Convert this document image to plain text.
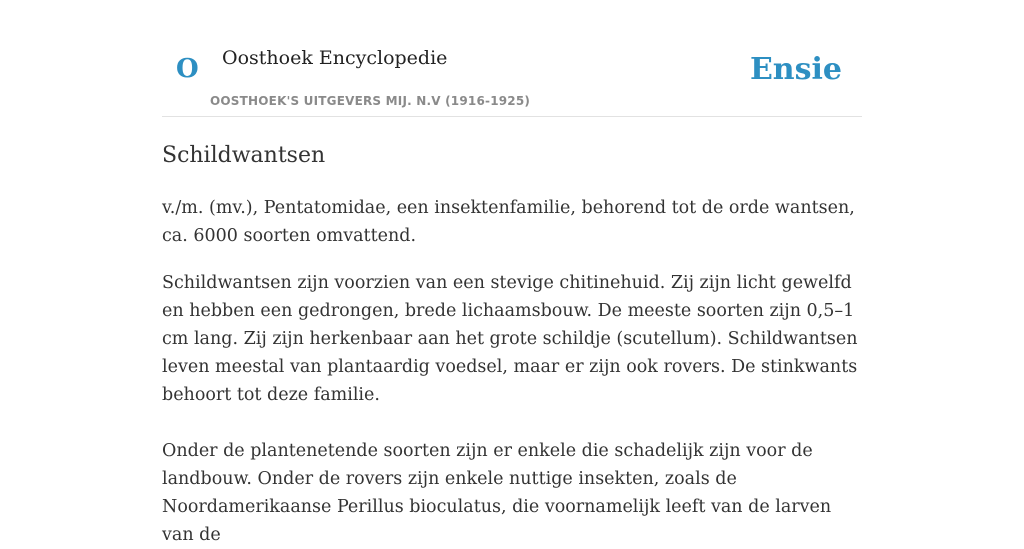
O Oosthoek Encyclopedie
OOSTHOEK'S UITGEVERS MIJ. N.V (1916-1925)
Ensie
Schildwantsen

v./m. (mv.), Pentatomidae, een insektenfamilie, behorend tot de orde wantsen, ca. 6000 soorten omvattend.

Schildwantsen zijn voorzien van een stevige chitinehuid. Zij zijn licht gewelfd en hebben een gedrongen, brede lichaamsbouw. De meeste soorten zijn 0,5–1 cm lang. Zij zijn herkenbaar aan het grote schildje (scutellum). Schildwantsen leven meestal van plantaardig voedsel, maar er zijn ook rovers. De stinkwants behoort tot deze familie.

Onder de plantenetende soorten zijn er enkele die schadelijk zijn voor de landbouw. Onder de rovers zijn enkele nuttige insekten, zoals de Noordamerikaanse Perillus bioculatus, die voornamelijk leeft van de larven van de
